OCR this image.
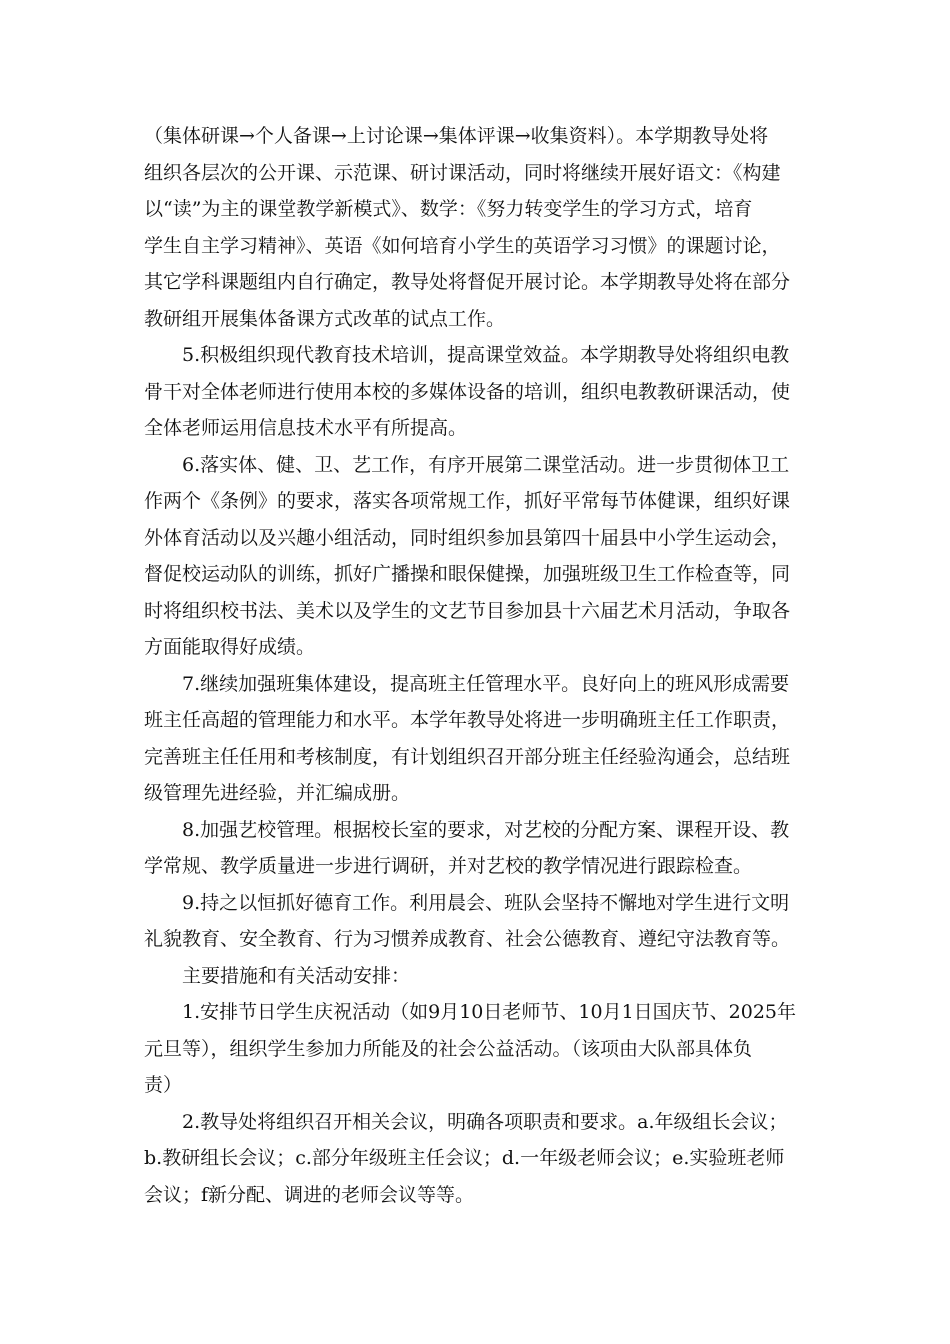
（集体研课→个人备课→上讨论课→集体评课→收集资料）。本学期教导处将
组织各层次的公开课、示范课、研讨课活动，同时将继续开展好语文：《构建
以“读”为主的课堂教学新模式》、数学：《努力转变学生的学习方式，培育
学生自主学习精神》、英语《如何培育小学生的英语学习习惯》的课题讨论，
其它学科课题组内自行确定，教导处将督促开展讨论。本学期教导处将在部分
教研组开展集体备课方式改革的试点工作。
5.积极组织现代教育技术培训，提高课堂效益。本学期教导处将组织电教
骨干对全体老师进行使用本校的多媒体设备的培训，组织电教教研课活动，使
全体老师运用信息技术水平有所提高。
6.落实体、健、卫、艺工作，有序开展第二课堂活动。进一步贯彻体卫工
作两个《条例》的要求，落实各项常规工作，抓好平常每节体健课，组织好课
外体育活动以及兴趣小组活动，同时组织参加县第四十届县中小学生运动会，
督促校运动队的训练，抓好广播操和眼保健操，加强班级卫生工作检查等，同
时将组织校书法、美术以及学生的文艺节目参加县十六届艺术月活动，争取各
方面能取得好成绩。
7.继续加强班集体建设，提高班主任管理水平。良好向上的班风形成需要
班主任高超的管理能力和水平。本学年教导处将进一步明确班主任工作职责，
完善班主任任用和考核制度，有计划组织召开部分班主任经验沟通会，总结班
级管理先进经验，并汇编成册。
8.加强艺校管理。根据校长室的要求，对艺校的分配方案、课程开设、教
学常规、教学质量进一步进行调研，并对艺校的教学情况进行跟踪检查。
9.持之以恒抓好德育工作。利用晨会、班队会坚持不懈地对学生进行文明
礼貌教育、安全教育、行为习惯养成教育、社会公德教育、遵纪守法教育等。
主要措施和有关活动安排：
1.安排节日学生庆祝活动（如9月10日老师节、10月1日国庆节、2025年
元旦等），组织学生参加力所能及的社会公益活动。（该项由大队部具体负
责）
2.教导处将组织召开相关会议，明确各项职责和要求。a.年级组长会议；
b.教研组长会议；c.部分年级班主任会议；d.一年级老师会议；e.实验班老师
会议；f新分配、调进的老师会议等等。
